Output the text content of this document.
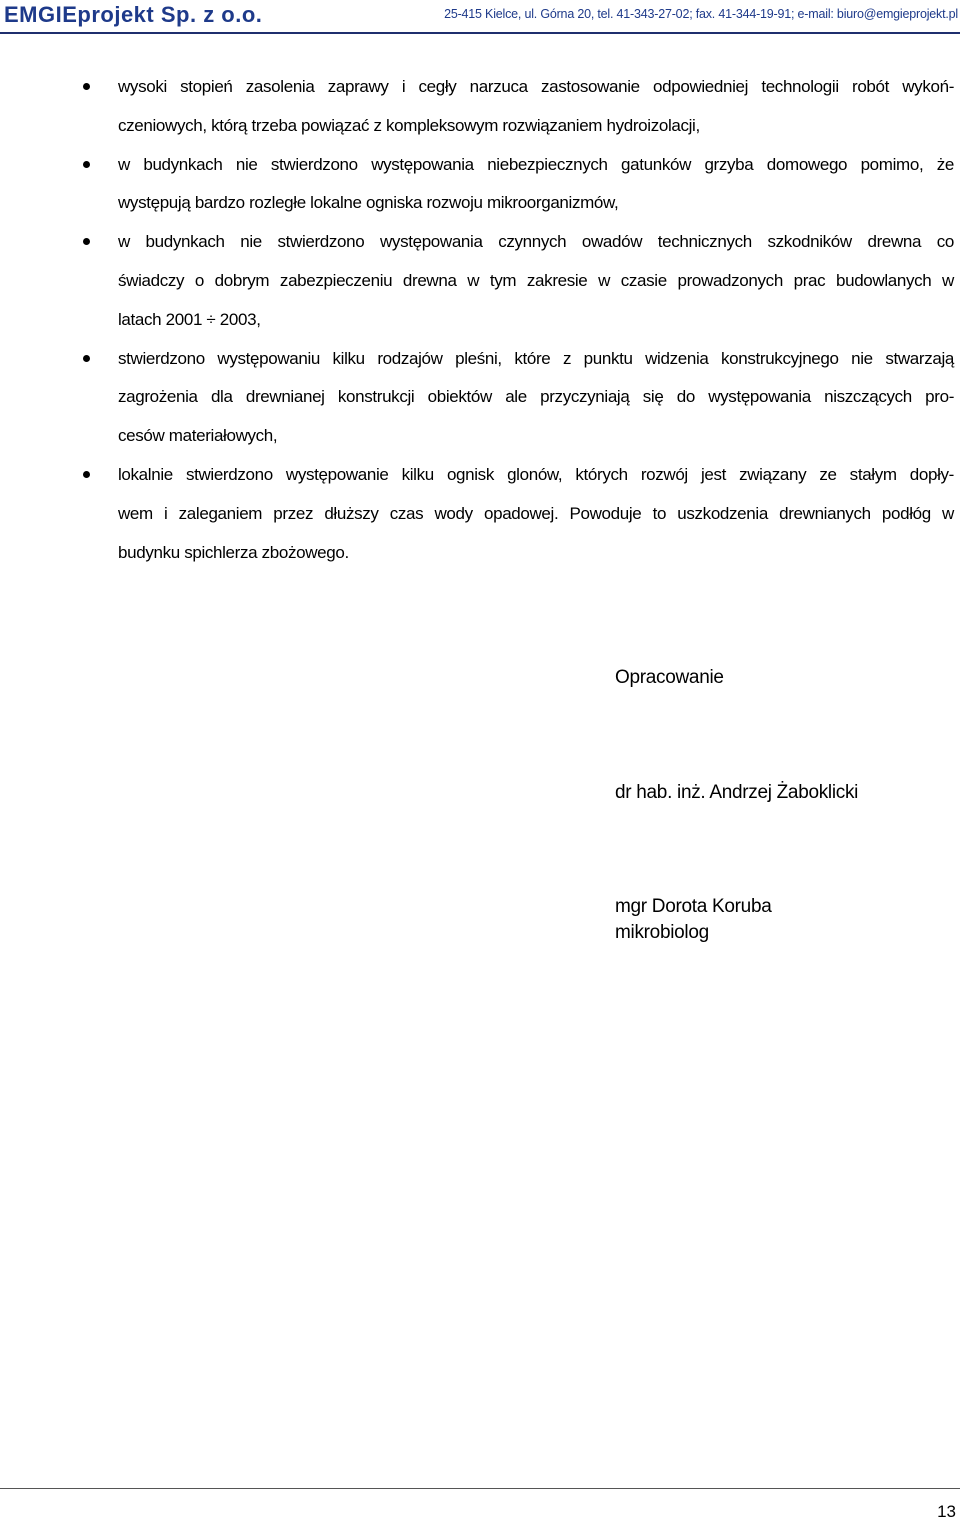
EMGIEprojekt Sp. z o.o.	25-415 Kielce, ul. Górna 20, tel. 41-343-27-02; fax. 41-344-19-91; e-mail: biuro@emgieprojekt.pl
wysoki stopień zasolenia zaprawy i cegły narzuca zastosowanie odpowiedniej technologii robót wykoń-
czeniowych, którą trzeba powiązać z kompleksowym rozwiązaniem hydroizolacji,
w budynkach nie stwierdzono występowania niebezpiecznych gatunków grzyba domowego pomimo, że
występują bardzo rozległe lokalne ogniska rozwoju mikroorganizmów,
w budynkach nie stwierdzono występowania czynnych owadów technicznych szkodników drewna co
świadczy o dobrym zabezpieczeniu drewna w tym zakresie w czasie prowadzonych prac budowlanych w
latach 2001 ÷ 2003,
stwierdzono występowaniu kilku rodzajów pleśni, które z punktu widzenia konstrukcyjnego nie stwarzają
zagrożenia dla drewnianej konstrukcji obiektów ale przyczyniają się do występowania niszczących pro-
cesów materiałowych,
lokalnie stwierdzono występowanie kilku ognisk glonów, których rozwój jest związany ze stałym dopły-
wem i zaleganiem przez dłuższy czas wody opadowej. Powoduje to uszkodzenia drewnianych podłóg w
budynku spichlerza zbożowego.
Opracowanie
dr hab. inż. Andrzej Żaboklicki
mgr Dorota Koruba
mikrobiolog
13
